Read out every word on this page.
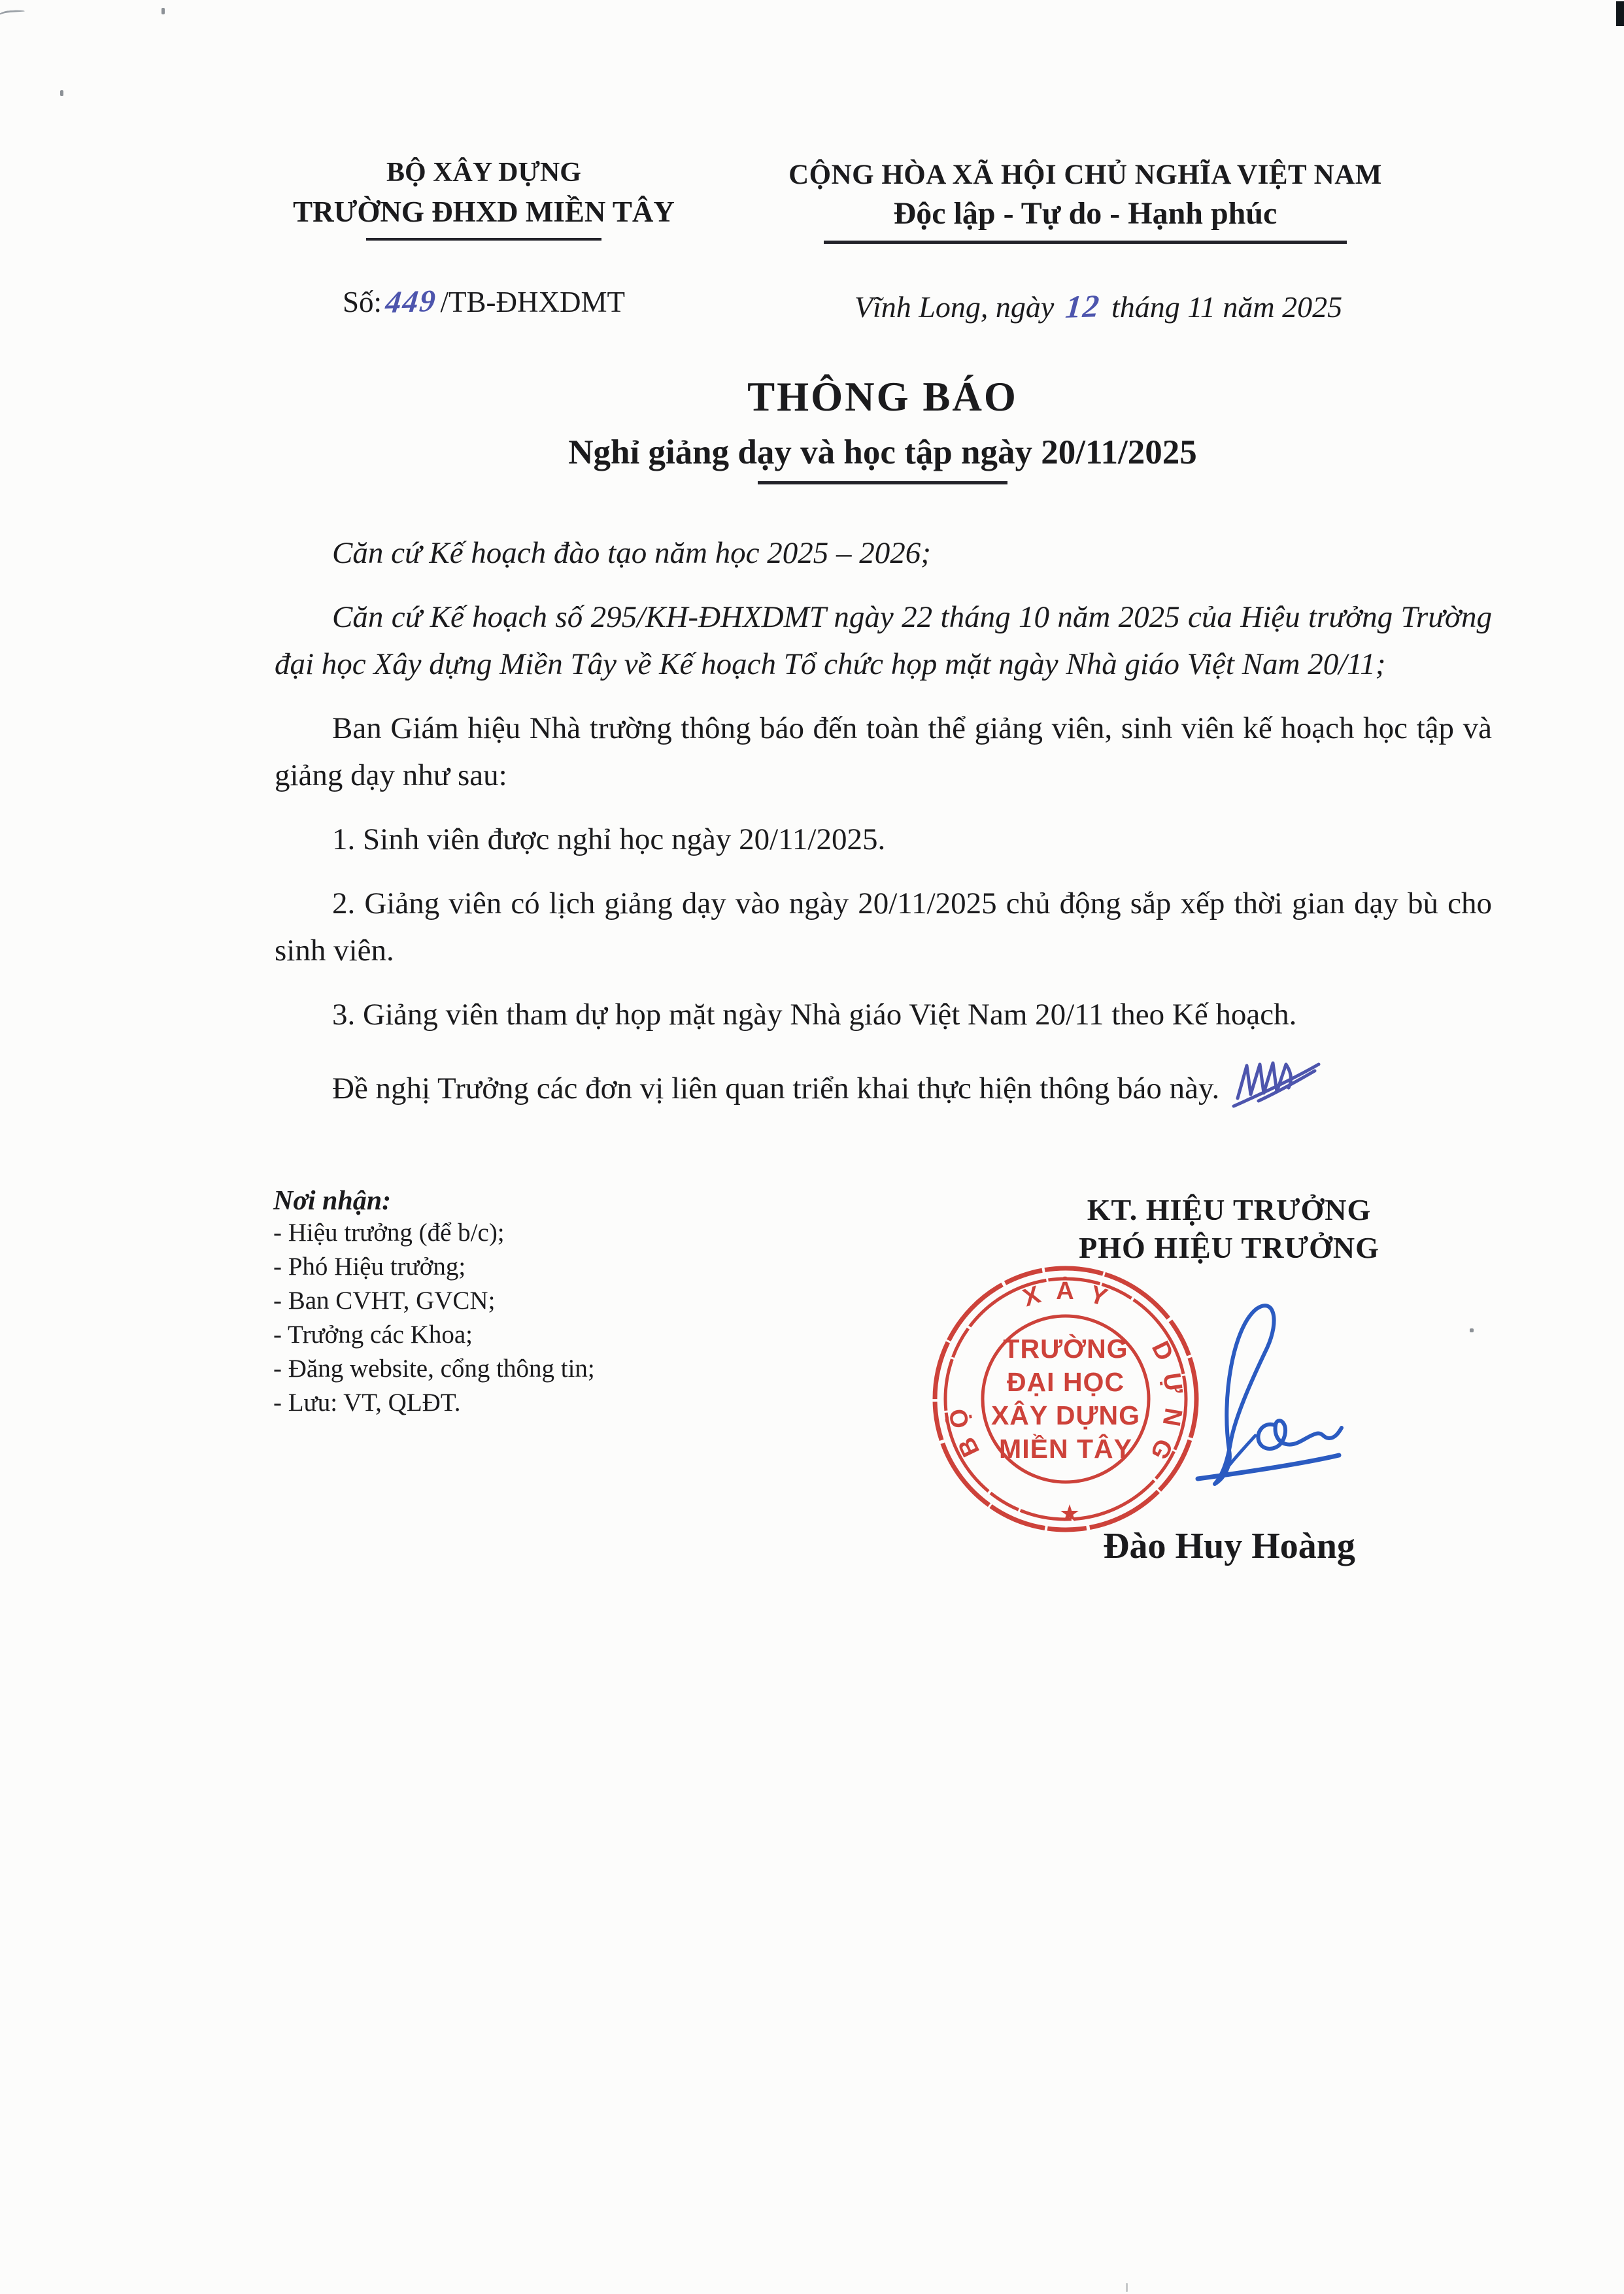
CỘNG HÒA XÃ HỘI CHỦ NGHĨA VIỆT NAM
Độc lập - Tự do - Hạnh phúc
Vĩnh Long, ngày 12 tháng 11 năm 2025
BỘ XÂY DỰNG
TRƯỜNG ĐHXD MIỀN TÂY
Số:449/TB-ĐHXDMT
THÔNG BÁO
Nghỉ giảng dạy và học tập ngày 20/11/2025

Căn cứ Kế hoạch đào tạo năm học 2025 – 2026;

Căn cứ Kế hoạch số 295/KH-ĐHXDMT ngày 22 tháng 10 năm 2025 của Hiệu trưởng Trường đại học Xây dựng Miền Tây về Kế hoạch Tổ chức họp mặt ngày Nhà giáo Việt Nam 20/11;

Ban Giám hiệu Nhà trường thông báo đến toàn thể giảng viên, sinh viên kế hoạch học tập và giảng dạy như sau:

1. Sinh viên được nghỉ học ngày 20/11/2025.

2. Giảng viên có lịch giảng dạy vào ngày 20/11/2025 chủ động sắp xếp thời gian dạy bù cho sinh viên.

3. Giảng viên tham dự họp mặt ngày Nhà giáo Việt Nam 20/11 theo Kế hoạch.

Đề nghị Trưởng các đơn vị liên quan triển khai thực hiện thông báo này.

Nơi nhận:
- Hiệu trưởng (để b/c);
- Phó Hiệu trưởng;
- Ban CVHT, GVCN;
- Trưởng các Khoa;
- Đăng website, cổng thông tin;
- Lưu: VT, QLĐT.
KT. HIỆU TRƯỞNG
PHÓ HIỆU TRƯỞNG
B
Ộ
X Â Y
D
Ự
N
G
TRƯỜNG
ĐẠI HỌC
XÂY DỰNG
MIỀN TÂY
★
Đào Huy Hoàng
